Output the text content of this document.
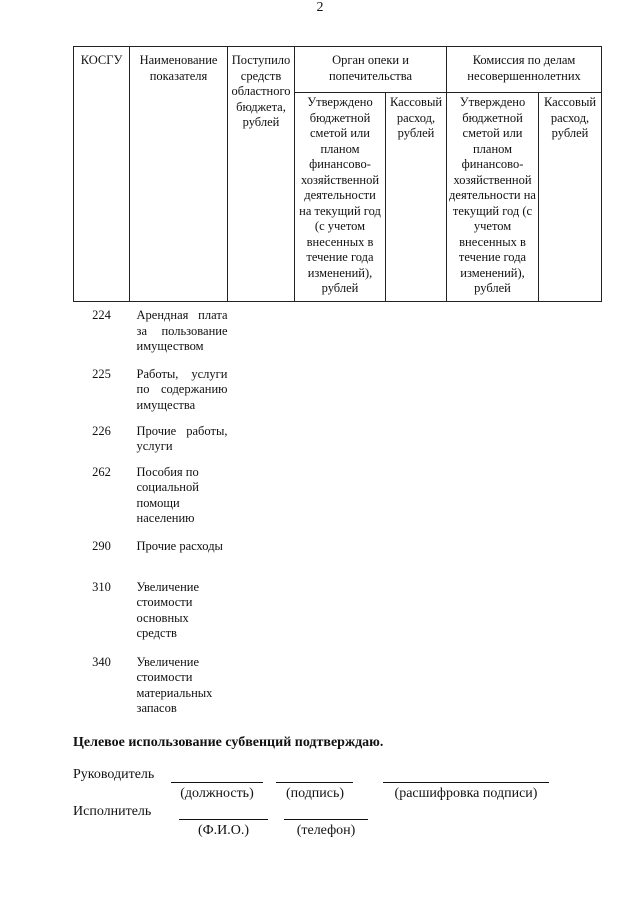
2
КОСГУ	Наименование показателя	Поступило средств областного бюджета, рублей	Орган опеки и попечительства		Комиссия по делам несовершеннолетних	
			Утверждено бюджетной сметой или планом финансово-хозяйственной деятельности на текущий год (с учетом внесенных в течение года изменений), рублей	Кассовый расход, рублей	Утверждено бюджетной сметой или планом финансово-хозяйственной деятельности на текущий год (с учетом внесенных в течение года изменений), рублей	Кассовый расход, рублей
224	Арендная плата за пользование имуществом					
225	Работы, услуги по содержанию имущества					
226	Прочие работы, услуги					
262	Пособия по социальной помощи населению					
290	Прочие расходы					
310	Увеличение стоимости основных средств					
340	Увеличение стоимости материальных запасов					
Целевое использование субвенций подтверждаю.
Руководитель
(должность)	(подпись)	(расшифровка подписи)
Исполнитель
(Ф.И.О.)	(телефон)
